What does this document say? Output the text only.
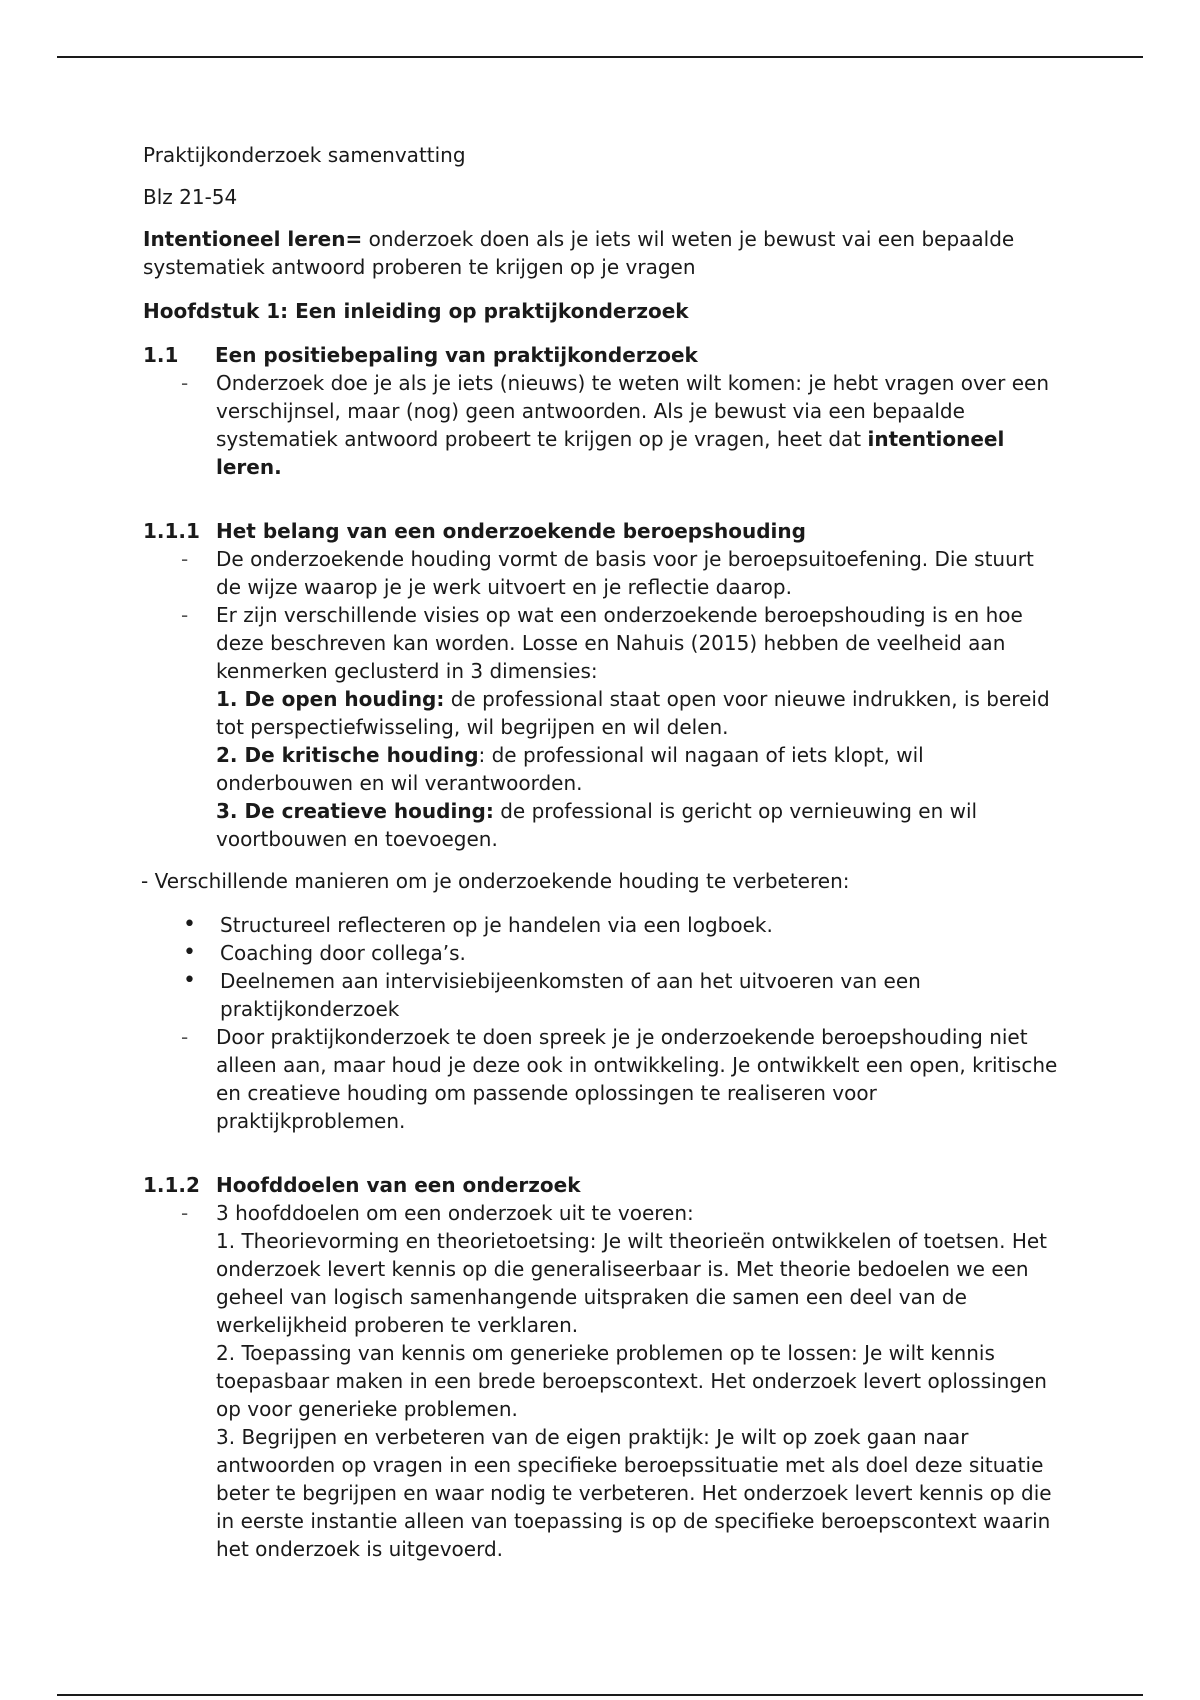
Praktijkonderzoek samenvatting

Blz 21-54

Intentioneel leren= onderzoek doen als je iets wil weten je bewust vai een bepaalde systematiek antwoord proberen te krijgen op je vragen

Hoofdstuk 1: Een inleiding op praktijkonderzoek

1.1 Een positiebepaling van praktijkonderzoek

- Onderzoek doe je als je iets (nieuws) te weten wilt komen: je hebt vragen over een verschijnsel, maar (nog) geen antwoorden. Als je bewust via een bepaalde systematiek antwoord probeert te krijgen op je vragen, heet dat intentioneel leren.

1.1.1 Het belang van een onderzoekende beroepshouding

- De onderzoekende houding vormt de basis voor je beroepsuitoefening. Die stuurt de wijze waarop je je werk uitvoert en je reflectie daarop.

- Er zijn verschillende visies op wat een onderzoekende beroepshouding is en hoe deze beschreven kan worden. Losse en Nahuis (2015) hebben de veelheid aan kenmerken geclusterd in 3 dimensies:

1. De open houding: de professional staat open voor nieuwe indrukken, is bereid tot perspectiefwisseling, wil begrijpen en wil delen.

2. De kritische houding: de professional wil nagaan of iets klopt, wil onderbouwen en wil verantwoorden.

3. De creatieve houding: de professional is gericht op vernieuwing en wil voortbouwen en toevoegen.

- Verschillende manieren om je onderzoekende houding te verbeteren:

• Structureel reflecteren op je handelen via een logboek.
• Coaching door collega’s.
• Deelnemen aan intervisiebijeenkomsten of aan het uitvoeren van een praktijkonderzoek

- Door praktijkonderzoek te doen spreek je je onderzoekende beroepshouding niet alleen aan, maar houd je deze ook in ontwikkeling. Je ontwikkelt een open, kritische en creatieve houding om passende oplossingen te realiseren voor praktijkproblemen.

1.1.2 Hoofddoelen van een onderzoek

- 3 hoofddoelen om een onderzoek uit te voeren:

1. Theorievorming en theorietoetsing: Je wilt theorieën ontwikkelen of toetsen. Het onderzoek levert kennis op die generaliseerbaar is. Met theorie bedoelen we een geheel van logisch samenhangende uitspraken die samen een deel van de werkelijkheid proberen te verklaren.

2. Toepassing van kennis om generieke problemen op te lossen: Je wilt kennis toepasbaar maken in een brede beroepscontext. Het onderzoek levert oplossingen op voor generieke problemen.

3. Begrijpen en verbeteren van de eigen praktijk: Je wilt op zoek gaan naar antwoorden op vragen in een specifieke beroepssituatie met als doel deze situatie beter te begrijpen en waar nodig te verbeteren. Het onderzoek levert kennis op die in eerste instantie alleen van toepassing is op de specifieke beroepscontext waarin het onderzoek is uitgevoerd.
